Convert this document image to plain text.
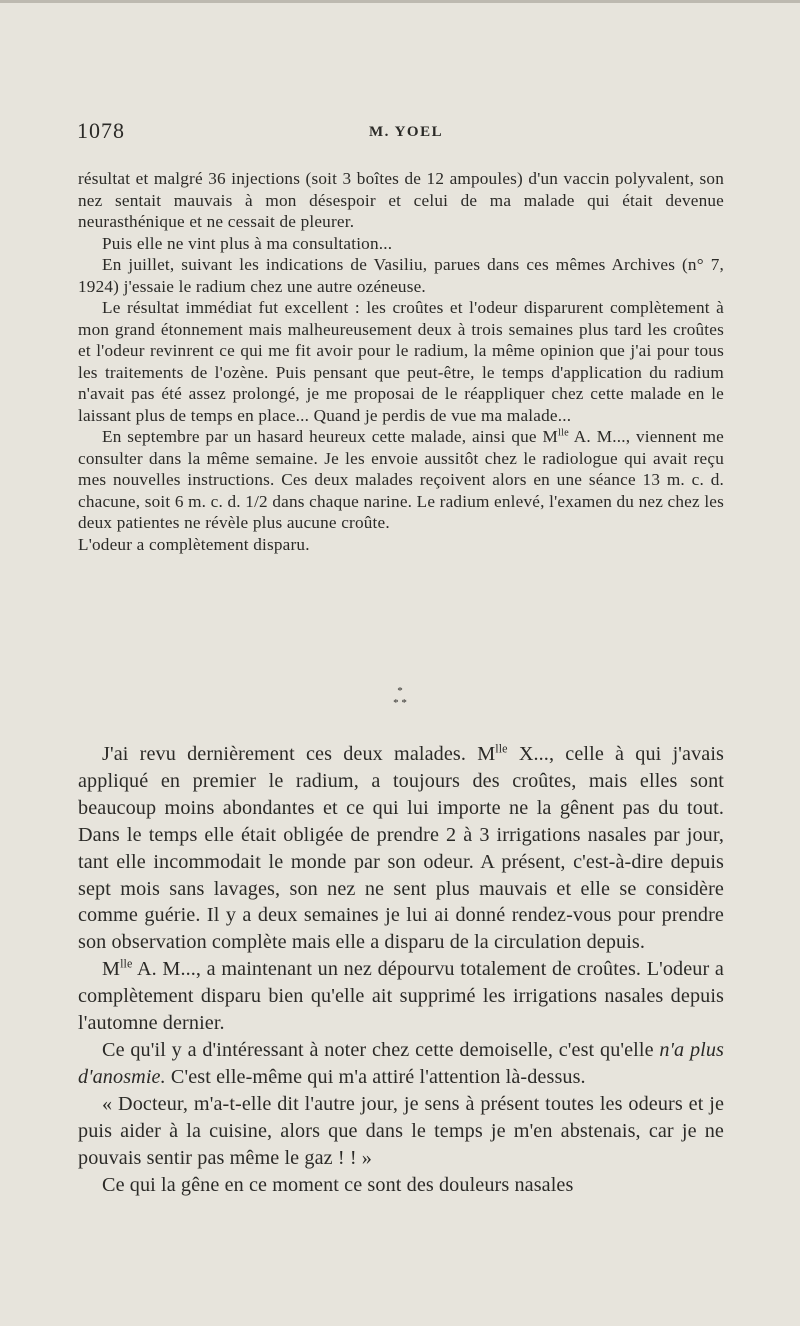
1078	M. YOEL

résultat et malgré 36 injections (soit 3 boîtes de 12 ampoules) d'un vaccin polyvalent, son nez sentait mauvais à mon désespoir et celui de ma malade qui était devenue neurasthénique et ne cessait de pleurer.

Puis elle ne vint plus à ma consultation...

En juillet, suivant les indications de Vasiliu, parues dans ces mêmes Archives (n° 7, 1924) j'essaie le radium chez une autre ozéneuse.

Le résultat immédiat fut excellent : les croûtes et l'odeur disparurent complètement à mon grand étonnement mais malheureusement deux à trois semaines plus tard les croûtes et l'odeur revinrent ce qui me fit avoir pour le radium, la même opinion que j'ai pour tous les traitements de l'ozène. Puis pensant que peut-être, le temps d'application du radium n'avait pas été assez prolongé, je me proposai de le réappliquer chez cette malade en le laissant plus de temps en place... Quand je perdis de vue ma malade...

En septembre par un hasard heureux cette malade, ainsi que $M^{lle}$ A. M..., viennent me consulter dans la même semaine. Je les envoie aussitôt chez le radiologue qui avait reçu mes nouvelles instructions. Ces deux malades reçoivent alors en une séance 13 m. c. d. chacune, soit 6 m. c. d. 1/2 dans chaque narine. Le radium enlevé, l'examen du nez chez les deux patientes ne révèle plus aucune croûte.

L'odeur a complètement disparu.

*
* *

J'ai revu dernièrement ces deux malades. $M^{lle}$ X..., celle à qui j'avais appliqué en premier le radium, a toujours des croûtes, mais elles sont beaucoup moins abondantes et ce qui lui importe ne la gênent pas du tout. Dans le temps elle était obligée de prendre 2 à 3 irrigations nasales par jour, tant elle incommodait le monde par son odeur. A présent, c'est-à-dire depuis sept mois sans lavages, son nez ne sent plus mauvais et elle se considère comme guérie. Il y a deux semaines je lui ai donné rendez-vous pour prendre son observation complète mais elle a disparu de la circulation depuis.

$M^{lle}$ A. M..., a maintenant un nez dépourvu totalement de croûtes. L'odeur a complètement disparu bien qu'elle ait supprimé les irrigations nasales depuis l'automne dernier.

Ce qu'il y a d'intéressant à noter chez cette demoiselle, c'est qu'elle n'a plus d'anosmie. C'est elle-même qui m'a attiré l'attention là-dessus.

« Docteur, m'a-t-elle dit l'autre jour, je sens à présent toutes les odeurs et je puis aider à la cuisine, alors que dans le temps je m'en abstenais, car je ne pouvais sentir pas même le gaz ! ! »

Ce qui la gêne en ce moment ce sont des douleurs nasales
